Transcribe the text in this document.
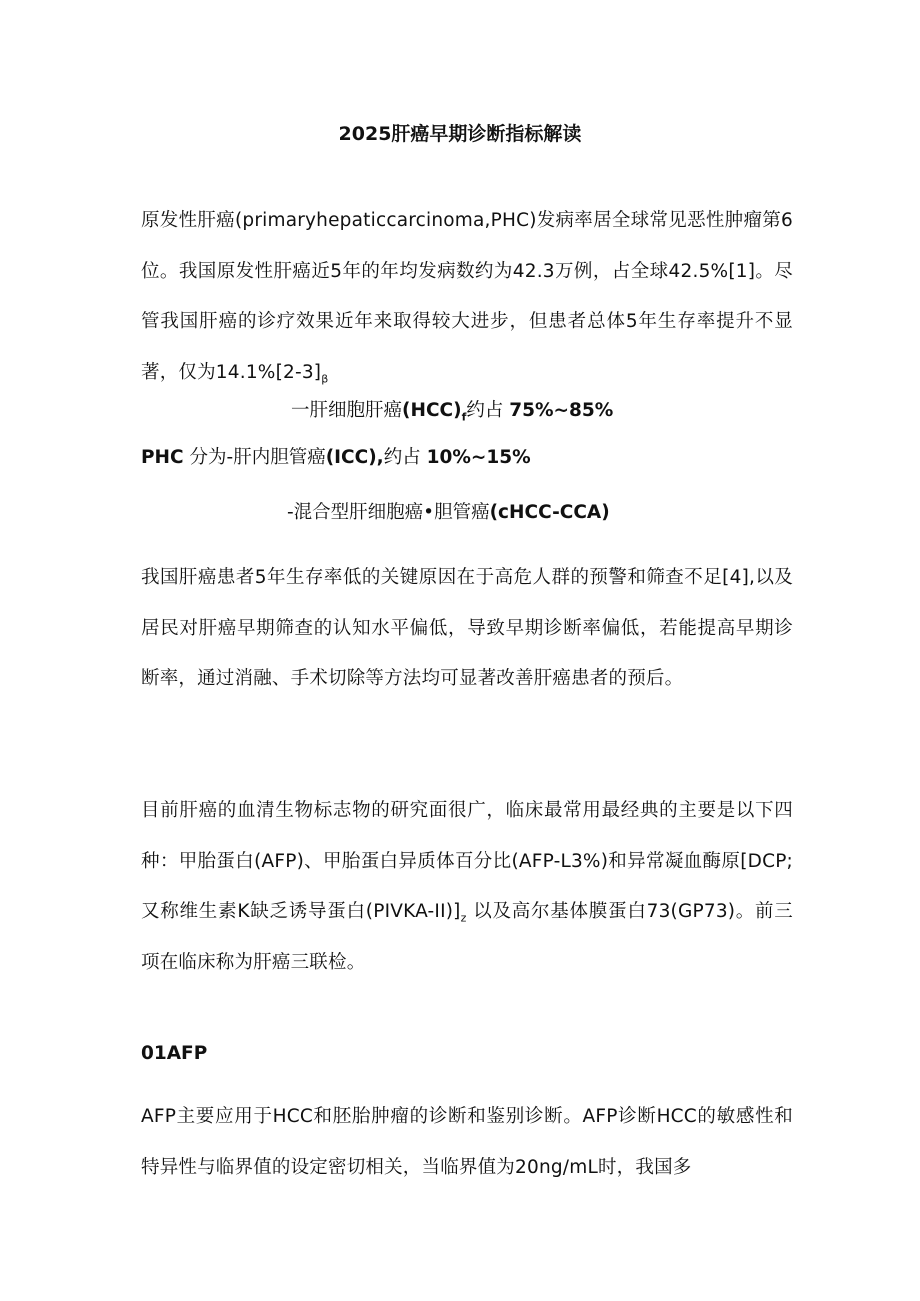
2025肝癌早期诊断指标解读

原发性肝癌(primaryhepaticcarcinoma,PHC)发病率居全球常见恶性肿瘤第6位。我国原发性肝癌近5年的年均发病数约为42.3万例，占全球42.5%[1]。尽管我国肝癌的诊疗效果近年来取得较大进步，但患者总体5年生存率提升不显著，仅为$14.1\%[2-3]_\beta$

一肝细胞肝癌$(HCC)_f$约占 75%~85%

PHC 分为-肝内胆管癌(ICC),约占 10%~15%

-混合型肝细胞癌•胆管癌(cHCC-CCA)

我国肝癌患者5年生存率低的关键原因在于高危人群的预警和筛查不足[4],以及居民对肝癌早期筛查的认知水平偏低，导致早期诊断率偏低，若能提高早期诊断率，通过消融、手术切除等方法均可显著改善肝癌患者的预后。

目前肝癌的血清生物标志物的研究面很广，临床最常用最经典的主要是以下四种：甲胎蛋白(AFP)、甲胎蛋白异质体百分比(AFP-L3%)和异常凝血酶原[DCP;又称维生素K缺乏诱导蛋白$(PIVKA-II)]_z$ 以及高尔基体膜蛋白73(GP73)。前三项在临床称为肝癌三联检。

01AFP

AFP主要应用于HCC和胚胎肿瘤的诊断和鉴别诊断。AFP诊断HCC的敏感性和特异性与临界值的设定密切相关，当临界值为20ng/mL时，我国多
